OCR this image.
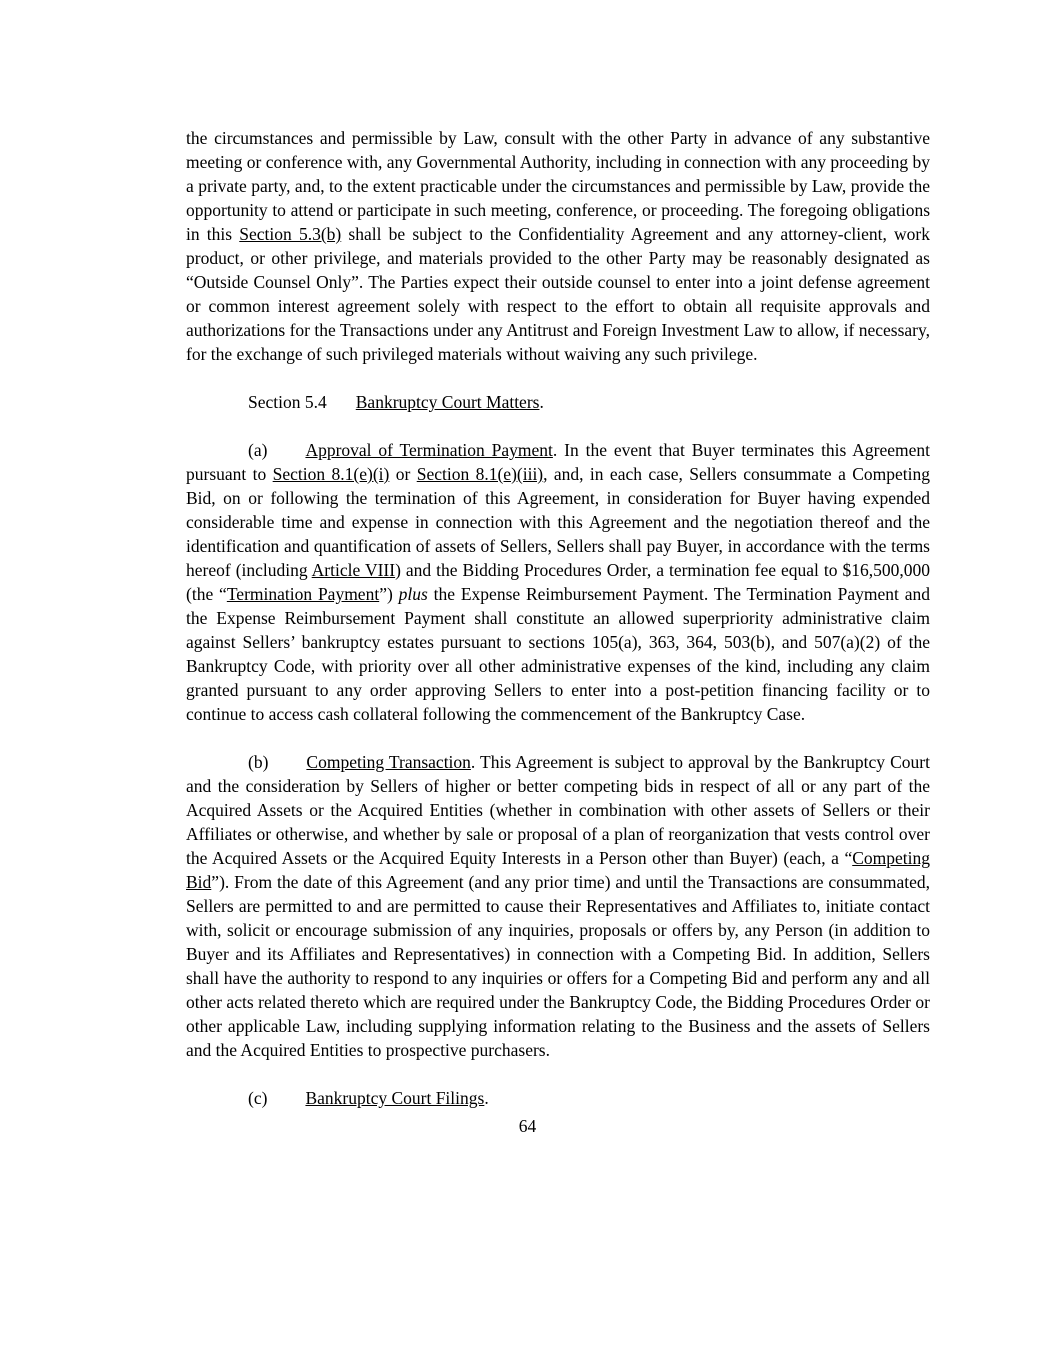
the circumstances and permissible by Law, consult with the other Party in advance of any substantive meeting or conference with, any Governmental Authority, including in connection with any proceeding by a private party, and, to the extent practicable under the circumstances and permissible by Law, provide the opportunity to attend or participate in such meeting, conference, or proceeding. The foregoing obligations in this Section 5.3(b) shall be subject to the Confidentiality Agreement and any attorney-client, work product, or other privilege, and materials provided to the other Party may be reasonably designated as “Outside Counsel Only”. The Parties expect their outside counsel to enter into a joint defense agreement or common interest agreement solely with respect to the effort to obtain all requisite approvals and authorizations for the Transactions under any Antitrust and Foreign Investment Law to allow, if necessary, for the exchange of such privileged materials without waiving any such privilege.

Section 5.4 Bankruptcy Court Matters.

(a) Approval of Termination Payment. In the event that Buyer terminates this Agreement pursuant to Section 8.1(e)(i) or Section 8.1(e)(iii), and, in each case, Sellers consummate a Competing Bid, on or following the termination of this Agreement, in consideration for Buyer having expended considerable time and expense in connection with this Agreement and the negotiation thereof and the identification and quantification of assets of Sellers, Sellers shall pay Buyer, in accordance with the terms hereof (including Article VIII) and the Bidding Procedures Order, a termination fee equal to $16,500,000 (the “Termination Payment”) plus the Expense Reimbursement Payment. The Termination Payment and the Expense Reimbursement Payment shall constitute an allowed superpriority administrative claim against Sellers’ bankruptcy estates pursuant to sections 105(a), 363, 364, 503(b), and 507(a)(2) of the Bankruptcy Code, with priority over all other administrative expenses of the kind, including any claim granted pursuant to any order approving Sellers to enter into a post-petition financing facility or to continue to access cash collateral following the commencement of the Bankruptcy Case.

(b) Competing Transaction. This Agreement is subject to approval by the Bankruptcy Court and the consideration by Sellers of higher or better competing bids in respect of all or any part of the Acquired Assets or the Acquired Entities (whether in combination with other assets of Sellers or their Affiliates or otherwise, and whether by sale or proposal of a plan of reorganization that vests control over the Acquired Assets or the Acquired Equity Interests in a Person other than Buyer) (each, a “Competing Bid”). From the date of this Agreement (and any prior time) and until the Transactions are consummated, Sellers are permitted to and are permitted to cause their Representatives and Affiliates to, initiate contact with, solicit or encourage submission of any inquiries, proposals or offers by, any Person (in addition to Buyer and its Affiliates and Representatives) in connection with a Competing Bid. In addition, Sellers shall have the authority to respond to any inquiries or offers for a Competing Bid and perform any and all other acts related thereto which are required under the Bankruptcy Code, the Bidding Procedures Order or other applicable Law, including supplying information relating to the Business and the assets of Sellers and the Acquired Entities to prospective purchasers.

(c) Bankruptcy Court Filings.

64
